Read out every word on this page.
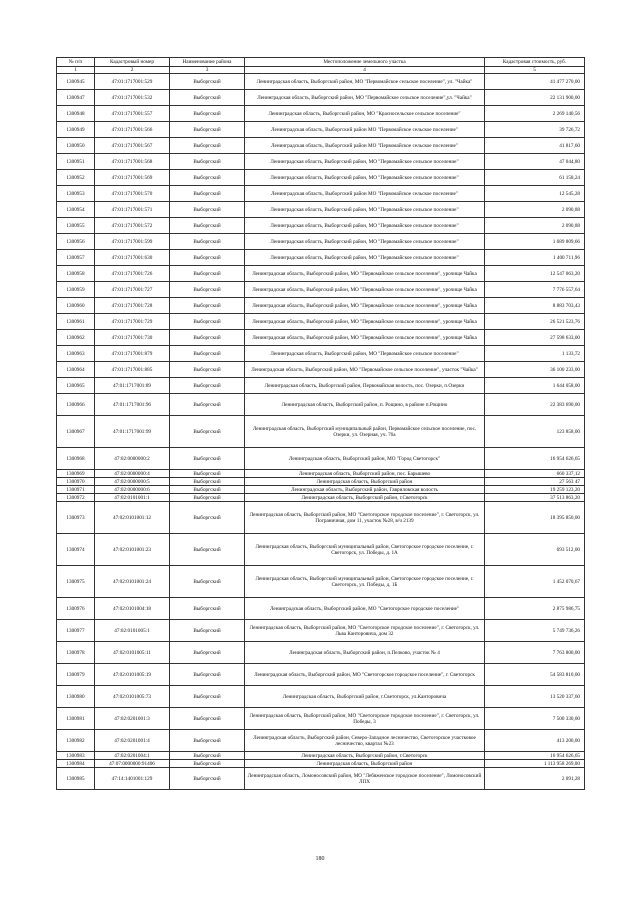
№ п/п	Кадастровый номер	Наименование района	Местоположение земельного участка	Кадастровая стоимость, руб.
1	2	3	4	5
1300945	47:01:1717001:529	Выборгский	Ленинградская область, Выборгский район, МО "Первомайское сельское поселение", ул. "Чайка"	41 477 270,00
1300947	47:01:1717001:532	Выборгский	Ленинградская область, Выборгский район, МО "Первомайское сельское поселение",ул. "Чайка"	22 131 900,00
1300948	47:01:1717001:557	Выборгский	Ленинградская область, Выборгский район, МО "Красносельское сельское поселение"	2 269 140,56
1300949	47:01:1717001:566	Выборгский	Ленинградская область, Выборгский район МО "Первомайское сельское поселение"	39 726,72
1300950	47:01:1717001:567	Выборгский	Ленинградская область, Выборгский район МО "Первомайское сельское поселение"	41 817,60
1300951	47:01:1717001:568	Выборгский	Ленинградская область, Выборгский район, МО "Первомайское сельское поселение"	47 044,80
1300952	47:01:1717001:569	Выборгский	Ленинградская область, Выборгский район, МО "Первомайское сельское поселение"	61 158,24
1300953	47:01:1717001:570	Выборгский	Ленинградская область, Выборгский район МО "Первомайское сельское поселение"	12 545,28
1300954	47:01:1717001:571	Выборгский	Ленинградская область, Выборгский район, МО "Первомайское сельское поселение"	2 090,88
1300955	47:01:1717001:572	Выборгский	Ленинградская область, Выборгский район, МО "Первомайское сельское поселение"	2 090,88
1300956	47:01:1717001:599	Выборгский	Ленинградская область, Выборгский район, МО "Первомайское сельское поселение"	1 689 809,66
1300957	47:01:1717001:630	Выборгский	Ленинградская область, Выборгский район, МО "Первомайское сельское поселение"	1 400 711,96
1300958	47:01:1717001:726	Выборгский	Ленинградская область, Выборгский район, МО "Первомайское сельское поселение", урочище Чайка	12 547 063,20
1300959	47:01:1717001:727	Выборгский	Ленинградская область, Выборгский район, МО "Первомайское сельское поселение", урочище Чайка	7 776 557,64
1300960	47:01:1717001:728	Выборгский	Ленинградская область, Выборгский район, МО "Первомайское сельское поселение", урочище Чайка	8 883 703,43
1300961	47:01:1717001:729	Выборгский	Ленинградская область, Выборгский район, МО "Первомайское сельское поселение", урочище Чайка	26 521 523,76
1300962	47:01:1717001:730	Выборгский	Ленинградская область, Выборгский район, МО "Первомайское сельское поселение", урочище Чайка	27 598 633,00
1300963	47:01:1717001:879	Выборгский	Ленинградская область, Выборгский район, МО "Первомайское сельское поселение"	1 133,72
1300964	47:01:1717001:885	Выборгский	Ленинградская область, Выборгский район, МО "Первомайское сельское поселение", участок "Чайка"	36 100 233,00
1300965	47:01:1717001:89	Выборгский	Ленинградская область, Выборгский район, Первомайская волость, пос. Озерки, п.Озерки	1 644 058,00
1300966	47:01:1717001:96	Выборгский	Ленинградская область, Выборгский район, п. Рощино, в районе п.Рощино	22 383 690,00
1300967	47:01:1717001:99	Выборгский	Ленинградская область, Выборгский муниципальный район, Первомайское сельское поселение, пос. Озерки, ул. Озерная, уч. 76а	123 858,00
1300968	47:02:0000000:2	Выборгский	Ленинградская область, Выборгский район, МО "Город Светогорск"	16 954 626,65
1300969	47:02:0000000:4	Выборгский	Ленинградская область, Выборгский район, пос. Барышево	660 337,12
1300970	47:02:0000000:5	Выборгский	Ленинградская область, Выборгский район	27 563 47
1300971	47:02:0000000:6	Выборгский	Ленинградская область, Выборгский район, Гавриловская волость	19 259 123,20
1300972	47:02:0101001:1	Выборгский	Ленинградская область, Выборгский район, г.Светогорск	37 513 863,20
1300973	47:02:0101001:12	Выборгский	Ленинградская область, Выборгский район, МО "Светогорское городское поселение", г. Светогорск, ул. Пограничная, дом 11, участок №28, в/ч 2139	18 395 850,00
1300974	47:02:0101001:23	Выборгский	Ленинградская область, Выборгский муниципальный район, Светогорское городское поселение, г. Светогорск, ул. Победы, д. 1А	693 512,00
1300975	47:02:0101001:24	Выборгский	Ленинградская область, Выборгский муниципальный район, Светогорское городское поселение, г. Светогорск, ул. Победы, д. 1Б	1 452 070,67
1300976	47:02:0101004:18	Выборгский	Ленинградская область, Выборгский район, МО "Светогорское городское поселение"	2 875 986,75
1300977	47:02:0101005:1	Выборгский	Ленинградская область, Выборгский район, МО "Светогорское городское поселение", г. Светогорск, ул. Льва Канторовича, дом 32	5 749 736,26
1300978	47:02:0101005:11	Выборгский	Ленинградская область, Выборгский район, п.Пелково, участок № 4	7 763 800,00
1300979	47:02:0101005:19	Выборгский	Ленинградская область, Выборгский район, МО "Светогорское городское поселение", г. Светогорск	54 583 810,00
1300980	47:02:0101005:73	Выборгский	Ленинградская область, Выборгский район, г.Светогорск, ул.Канторовича	13 520 337,60
1300981	47:02:0201001:3	Выборгский	Ленинградская область, Выборгский район, МО "Светогорское городское поселение", г. Светогорск, ул. Победы, 3	7 500 330,00
1300982	47:02:0201001:4	Выборгский	Ленинградская область, Выборгский район, Северо-Западное лесничество, Светогорское участковое лесничество, квартал №23	413 200,00
1300983	47:02:0201004:1	Выборгский	Ленинградская область, Выборгский район, г.Светогорск	16 954 626,65
1300984	47:07:0000000:91406	Выборгский	Ленинградская область, Выборгский район	1 113 958 269,00
1300985	47:14:1401001:129	Выборгский	Ленинградская область, Ломоносовский район, МО "Лебяженское городское поселение", Ломоносовский ЛПХ	2 091,28
180
